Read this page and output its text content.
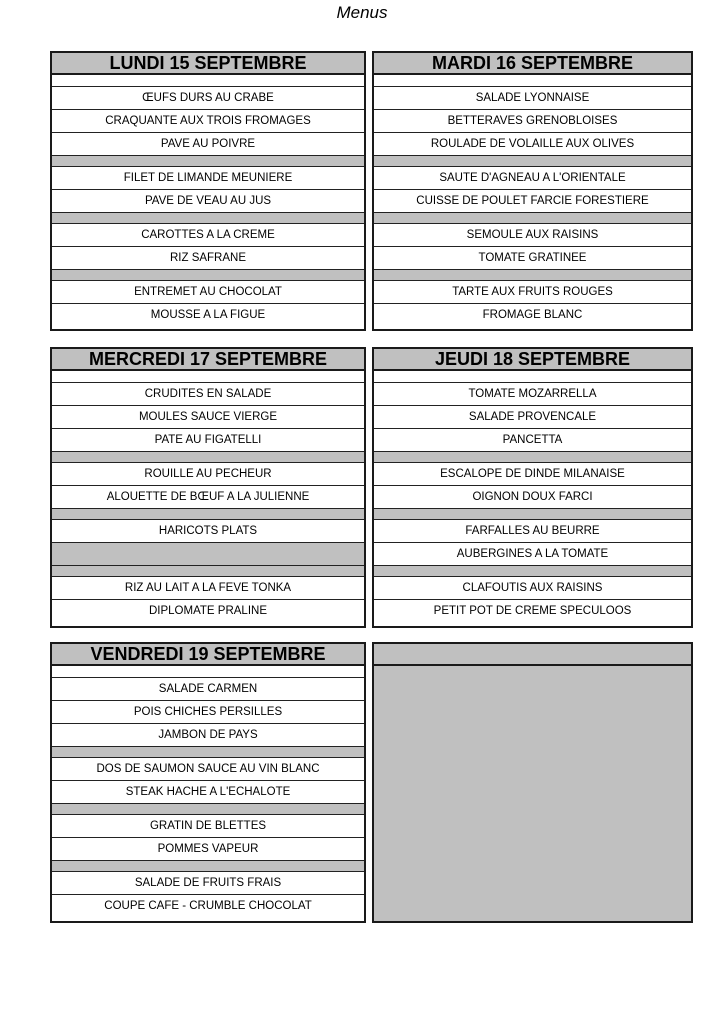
Menus
LUNDI 15 SEPTEMBRE
ŒUFS DURS AU CRABE
CRAQUANTE AUX TROIS FROMAGES
PAVE AU POIVRE
FILET DE LIMANDE MEUNIERE
PAVE DE VEAU AU JUS
CAROTTES A LA CREME
RIZ SAFRANE
ENTREMET AU CHOCOLAT
MOUSSE A LA FIGUE
MARDI 16 SEPTEMBRE
SALADE LYONNAISE
BETTERAVES GRENOBLOISES
ROULADE DE VOLAILLE AUX OLIVES
SAUTE D'AGNEAU A L'ORIENTALE
CUISSE DE POULET FARCIE FORESTIERE
SEMOULE AUX RAISINS
TOMATE GRATINEE
TARTE AUX FRUITS ROUGES
FROMAGE BLANC
MERCREDI 17 SEPTEMBRE
CRUDITES EN SALADE
MOULES SAUCE VIERGE
PATE AU FIGATELLI
ROUILLE AU PECHEUR
ALOUETTE DE BŒUF A LA JULIENNE
HARICOTS PLATS
RIZ AU LAIT A LA FEVE TONKA
DIPLOMATE PRALINE
JEUDI 18 SEPTEMBRE
TOMATE MOZARRELLA
SALADE PROVENCALE
PANCETTA
ESCALOPE DE DINDE MILANAISE
OIGNON DOUX FARCI
FARFALLES AU BEURRE
AUBERGINES A LA TOMATE
CLAFOUTIS AUX RAISINS
PETIT POT DE CREME SPECULOOS
VENDREDI 19 SEPTEMBRE
SALADE CARMEN
POIS CHICHES PERSILLES
JAMBON DE PAYS
DOS DE SAUMON SAUCE AU VIN BLANC
STEAK HACHE A L'ECHALOTE
GRATIN DE BLETTES
POMMES VAPEUR
SALADE DE FRUITS FRAIS
COUPE CAFE - CRUMBLE CHOCOLAT
